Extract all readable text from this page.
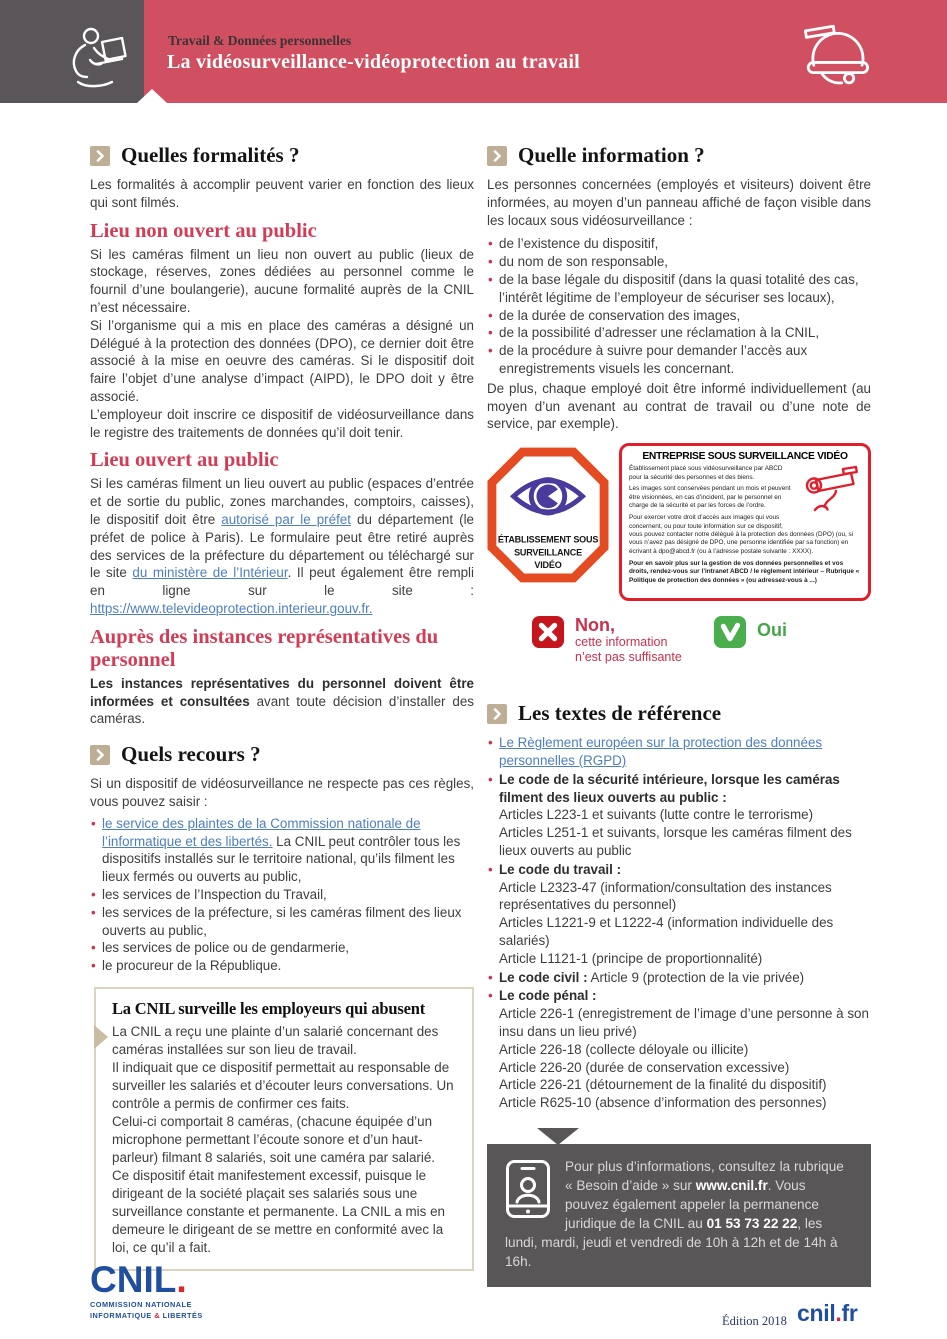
Travail & Données personnelles
La vidéosurveillance-vidéoprotection au travail
Quelles formalités ?

Les formalités à accomplir peuvent varier en fonction des lieux qui sont filmés.

Lieu non ouvert au public

Si les caméras filment un lieu non ouvert au public (lieux de stockage, réserves, zones dédiées au personnel comme le fournil d’une boulangerie), aucune formalité auprès de la CNIL n’est nécessaire.

Si l’organisme qui a mis en place des caméras a désigné un Délégué à la protection des données (DPO), ce dernier doit être associé à la mise en oeuvre des caméras. Si le dispositif doit faire l’objet d’une analyse d’impact (AIPD), le DPO doit y être associé.

L’employeur doit inscrire ce dispositif de vidéosurveillance dans le registre des traitements de données qu’il doit tenir.

Lieu ouvert au public

Si les caméras filment un lieu ouvert au public (espaces d’entrée et de sortie du public, zones marchandes, comptoirs, caisses), le dispositif doit être autorisé par le préfet du département (le préfet de police à Paris). Le formulaire peut être retiré auprès des services de la préfecture du département ou téléchargé sur le site du ministère de l’Intérieur. Il peut également être rempli en ligne sur le site : https://www.televideoprotection.interieur.gouv.fr.

Auprès des instances représentatives du personnel

Les instances représentatives du personnel doivent être informées et consultées avant toute décision d’installer des caméras.

Quels recours ?

Si un dispositif de vidéosurveillance ne respecte pas ces règles, vous pouvez saisir :

• le service des plaintes de la Commission nationale de l’informatique et des libertés. La CNIL peut contrôler tous les dispositifs installés sur le territoire national, qu’ils filment les lieux fermés ou ouverts au public,
• les services de l’Inspection du Travail,
• les services de la préfecture, si les caméras filment des lieux ouverts au public,
• les services de police ou de gendarmerie,
• le procureur de la République.
La CNIL surveille les employeurs qui abusent

La CNIL a reçu une plainte d’un salarié concernant des caméras installées sur son lieu de travail.

Il indiquait que ce dispositif permettait au responsable de surveiller les salariés et d’écouter leurs conversations. Un contrôle a permis de confirmer ces faits.

Celui-ci comportait 8 caméras, (chacune équipée d’un microphone permettant l’écoute sonore et d’un haut-parleur) filmant 8 salariés, soit une caméra par salarié.

Ce dispositif était manifestement excessif, puisque le dirigeant de la société plaçait ses salariés sous une surveillance constante et permanente. La CNIL a mis en demeure le dirigeant de se mettre en conformité avec la loi, ce qu’il a fait.

Quelle information ?

Les personnes concernées (employés et visiteurs) doivent être informées, au moyen d’un panneau affiché de façon visible dans les locaux sous vidéosurveillance :

• de l’existence du dispositif,
• du nom de son responsable,
• de la base légale du dispositif (dans la quasi totalité des cas, l’intérêt légitime de l’employeur de sécuriser ses locaux),
• de la durée de conservation des images,
• de la possibilité d’adresser une réclamation à la CNIL,
• de la procédure à suivre pour demander l’accès aux enregistrements visuels les concernant.

De plus, chaque employé doit être informé individuellement (au moyen d’un avenant au contrat de travail ou d’une note de service, par exemple).

ÉTABLISSEMENT SOUS
SURVEILLANCE
VIDÉO
ENTREPRISE SOUS SURVEILLANCE VIDÉO

Établissement placé sous vidéosurveillance par ABCD pour la sécurité des personnes et des biens.

Les images sont conservées pendant un mois et peuvent être visionnées, en cas d’incident, par le personnel en charge de la sécurité et par les forces de l’ordre.

Pour exercer votre droit d’accès aux images qui vous concernent, ou pour toute information sur ce dispositif, vous pouvez contacter notre délégué à la protection des données (DPO) (ou, si vous n’avez pas désigné de DPO, une personne identifiée par sa fonction) en écrivant à dpo@abcd.fr (ou à l’adresse postale suivante : XXXX).

Pour en savoir plus sur la gestion de vos données personnelles et vos droits, rendez-vous sur l’intranet ABCD / le règlement intérieur – Rubrique « Politique de protection des données » (ou adressez-vous à ...)

Non,
cette information
n’est pas suffisante
Oui
Les textes de référence
• Le Règlement européen sur la protection des données personnelles (RGPD)
• Le code de la sécurité intérieure, lorsque les caméras filment des lieux ouverts au public :
Articles L223-1 et suivants (lutte contre le terrorisme)
Articles L251-1 et suivants, lorsque les caméras filment des lieux ouverts au public
• Le code du travail :
Article L2323-47 (information/consultation des instances représentatives du personnel)
Articles L1221-9 et L1222-4 (information individuelle des salariés)
Article L1121-1 (principe de proportionnalité)
• Le code civil : Article 9 (protection de la vie privée)
• Le code pénal :
Article 226-1 (enregistrement de l’image d’une personne à son insu dans un lieu privé)
Article 226-18 (collecte déloyale ou illicite)
Article 226-20 (durée de conservation excessive)
Article 226-21 (détournement de la finalité du dispositif)
Article R625-10 (absence d’information des personnes)

Pour plus d’informations, consultez la rubrique « Besoin d’aide » sur www.cnil.fr. Vous pouvez également appeler la permanence juridique de la CNIL au 01 53 73 22 22, les lundi, mardi, jeudi et vendredi de 10h à 12h et de 14h à 16h.

CNIL.
COMMISSION NATIONALE
INFORMATIQUE & LIBERTÉS	Édition 2018 cnil.fr
